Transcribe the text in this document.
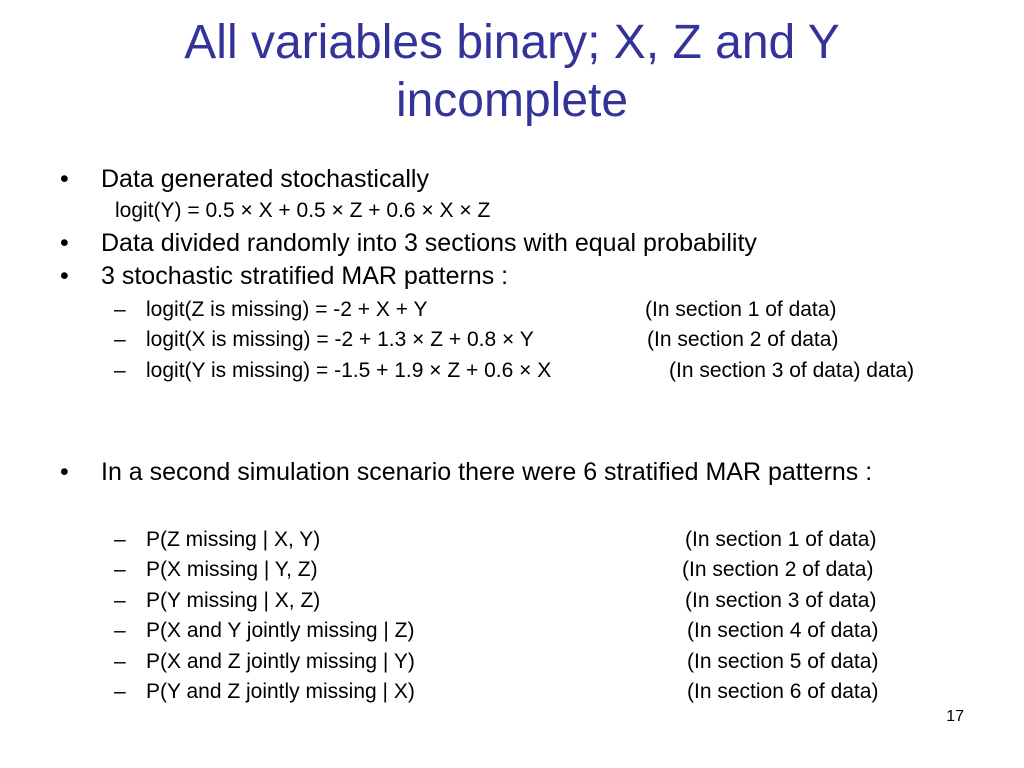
All variables binary; X, Z and Y
incomplete
• Data generated stochastically
logit(Y) = 0.5 × X + 0.5 × Z + 0.6 × X × Z
• Data divided randomly into 3 sections with equal probability
• 3 stochastic stratified MAR patterns :
– logit(Z is missing) = -2 + X + Y	(In section 1 of data)
– logit(X is missing) = -2 + 1.3 × Z + 0.8 × Y	(In section 2 of data)
– logit(Y is missing) = -1.5 + 1.9 × Z + 0.6 × X	(In section 3 of data) data)
• In a second simulation scenario there were 6 stratified MAR patterns :
– P(Z missing | X, Y)	(In section 1 of data)
– P(X missing | Y, Z)	(In section 2 of data)
– P(Y missing | X, Z)	(In section 3 of data)
– P(X and Y jointly missing | Z)	(In section 4 of data)
– P(X and Z jointly missing | Y)	(In section 5 of data)
– P(Y and Z jointly missing | X)	(In section 6 of data)
17
